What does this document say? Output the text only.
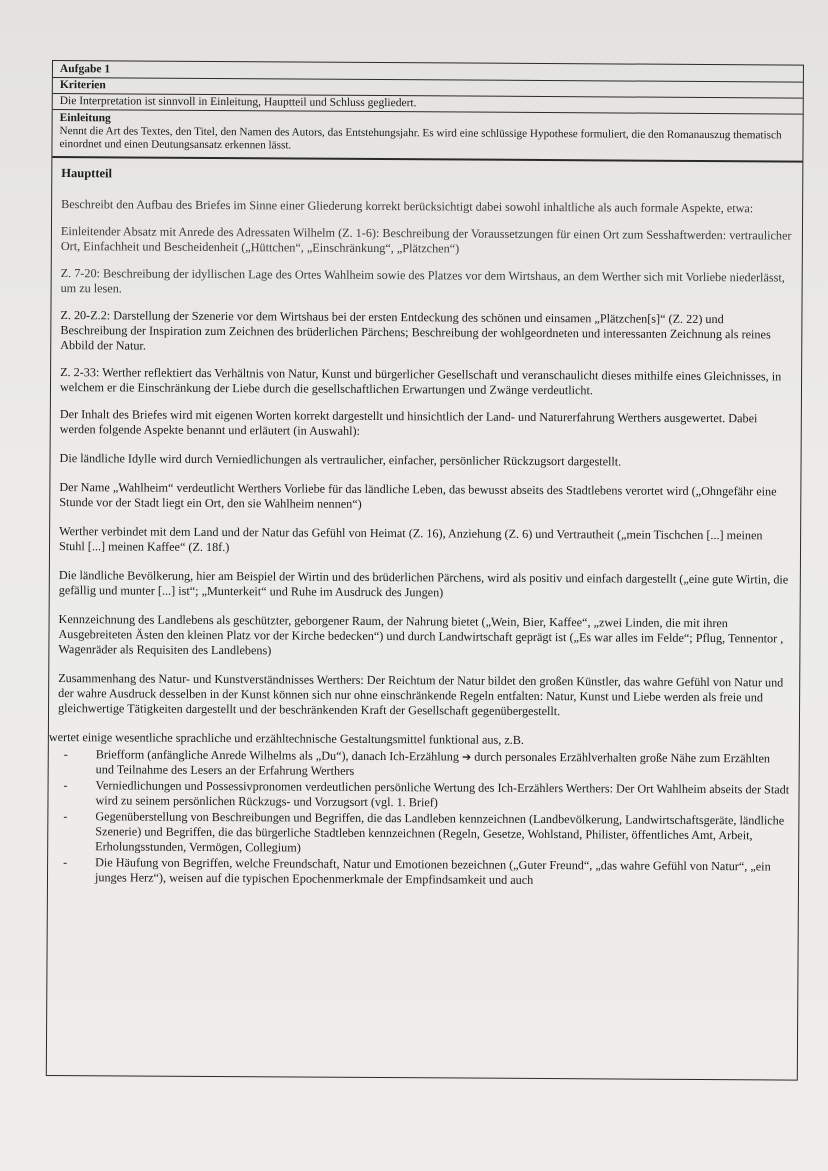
Aufgabe 1
Kriterien
Die Interpretation ist sinnvoll in Einleitung, Hauptteil und Schluss gegliedert.
Einleitung
Nennt die Art des Textes, den Titel, den Namen des Autors, das Entstehungsjahr. Es wird eine schlüssige Hypothese formuliert, die den Romanauszug thematisch einordnet und einen Deutungsansatz erkennen lässt.
Hauptteil
Beschreibt den Aufbau des Briefes im Sinne einer Gliederung korrekt berücksichtigt dabei sowohl inhaltliche als auch formale Aspekte, etwa:
Einleitender Absatz mit Anrede des Adressaten Wilhelm (Z. 1-6): Beschreibung der Voraussetzungen für einen Ort zum Sesshaftwerden: vertraulicher Ort, Einfachheit und Bescheidenheit („Hüttchen“, „Einschränkung“, „Plätzchen“)
Z. 7-20: Beschreibung der idyllischen Lage des Ortes Wahlheim sowie des Platzes vor dem Wirtshaus, an dem Werther sich mit Vorliebe niederlässt, um zu lesen.
Z. 20-Z.2: Darstellung der Szenerie vor dem Wirtshaus bei der ersten Entdeckung des schönen und einsamen „Plätzchen[s]“ (Z. 22) und Beschreibung der Inspiration zum Zeichnen des brüderlichen Pärchens; Beschreibung der wohlgeordneten und interessanten Zeichnung als reines Abbild der Natur.
Z. 2-33: Werther reflektiert das Verhältnis von Natur, Kunst und bürgerlicher Gesellschaft und veranschaulicht dieses mithilfe eines Gleichnisses, in welchem er die Einschränkung der Liebe durch die gesellschaftlichen Erwartungen und Zwänge verdeutlicht.
Der Inhalt des Briefes wird mit eigenen Worten korrekt dargestellt und hinsichtlich der Land- und Naturerfahrung Werthers ausgewertet. Dabei werden folgende Aspekte benannt und erläutert (in Auswahl):
Die ländliche Idylle wird durch Verniedlichungen als vertraulicher, einfacher, persönlicher Rückzugsort dargestellt.
Der Name „Wahlheim“ verdeutlicht Werthers Vorliebe für das ländliche Leben, das bewusst abseits des Stadtlebens verortet wird („Ohngefähr eine Stunde vor der Stadt liegt ein Ort, den sie Wahlheim nennen“)
Werther verbindet mit dem Land und der Natur das Gefühl von Heimat (Z. 16), Anziehung (Z. 6) und Vertrautheit („mein Tischchen [...] meinen Stuhl [...] meinen Kaffee“ (Z. 18f.)
Die ländliche Bevölkerung, hier am Beispiel der Wirtin und des brüderlichen Pärchens, wird als positiv und einfach dargestellt („eine gute Wirtin, die gefällig und munter [...] ist“; „Munterkeit“ und Ruhe im Ausdruck des Jungen)
Kennzeichnung des Landlebens als geschützter, geborgener Raum, der Nahrung bietet („Wein, Bier, Kaffee“, „zwei Linden, die mit ihren Ausgebreiteten Ästen den kleinen Platz vor der Kirche bedecken“) und durch Landwirtschaft geprägt ist („Es war alles im Felde“; Pflug, Tennentor , Wagenräder als Requisiten des Landlebens)
Zusammenhang des Natur- und Kunstverständnisses Werthers: Der Reichtum der Natur bildet den großen Künstler, das wahre Gefühl von Natur und der wahre Ausdruck desselben in der Kunst können sich nur ohne einschränkende Regeln entfalten: Natur, Kunst und Liebe werden als freie und gleichwertige Tätigkeiten dargestellt und der beschränkenden Kraft der Gesellschaft gegenübergestellt.
wertet einige wesentliche sprachliche und erzähltechnische Gestaltungsmittel funktional aus, z.B.
- Briefform (anfängliche Anrede Wilhelms als „Du“), danach Ich-Erzählung ➔ durch personales Erzählverhalten große Nähe zum Erzählten und Teilnahme des Lesers an der Erfahrung Werthers
- Verniedlichungen und Possessivpronomen verdeutlichen persönliche Wertung des Ich-Erzählers Werthers: Der Ort Wahlheim abseits der Stadt wird zu seinem persönlichen Rückzugs- und Vorzugsort (vgl. 1. Brief)
- Gegenüberstellung von Beschreibungen und Begriffen, die das Landleben kennzeichnen (Landbevölkerung, Landwirtschaftsgeräte, ländliche Szenerie) und Begriffen, die das bürgerliche Stadtleben kennzeichnen (Regeln, Gesetze, Wohlstand, Philister, öffentliches Amt, Arbeit, Erholungsstunden, Vermögen, Collegium)
- Die Häufung von Begriffen, welche Freundschaft, Natur und Emotionen bezeichnen („Guter Freund“, „das wahre Gefühl von Natur“, „ein junges Herz“), weisen auf die typischen Epochenmerkmale der Empfindsamkeit und auch
